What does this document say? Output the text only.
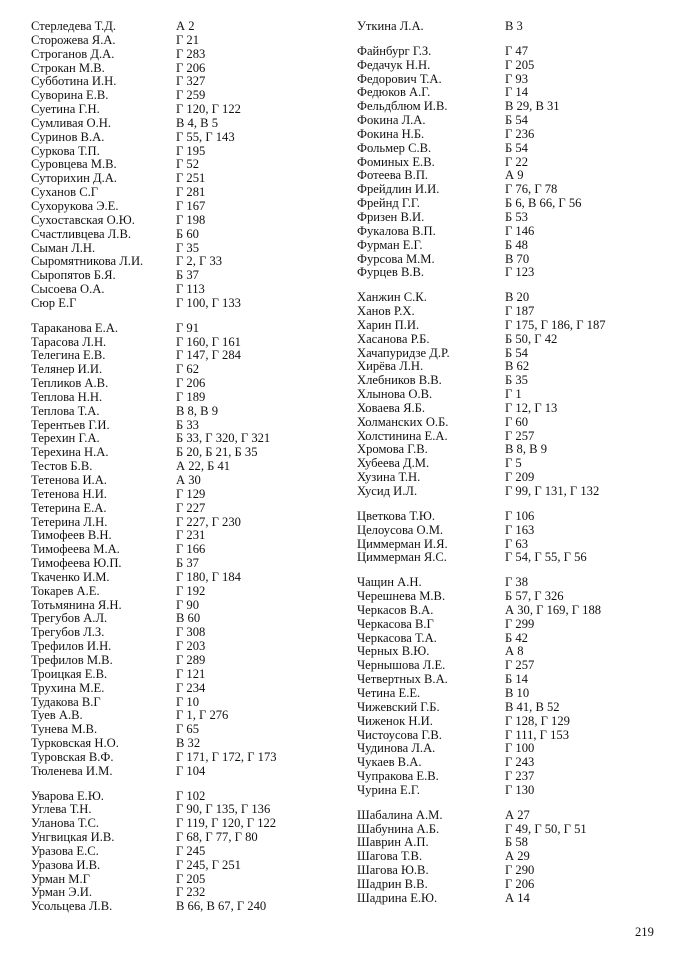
Стерледева Т.Д.	А 2
Сторожева Я.А.	Г 21
Строганов Д.А.	Г 283
Строкан М.В.	Г 206
Субботина И.Н.	Г 327
Суворина Е.В.	Г 259
Суетина Г.Н.	Г 120, Г 122
Сумливая О.Н.	В 4, В 5
Суринов В.А.	Г 55, Г 143
Суркова Т.П.	Г 195
Суровцева М.В.	Г 52
Суторихин Д.А.	Г 251
Суханов С.Г	Г 281
Сухорукова Э.Е.	Г 167
Сухоставская О.Ю.	Г 198
Счастливцева Л.В.	Б 60
Сыман Л.Н.	Г 35
Сыромятникова Л.И.	Г 2, Г 33
Сыропятов Б.Я.	Б 37
Сысоева О.А.	Г 113
Сюр Е.Г	Г 100, Г 133
Тараканова Е.А.	Г 91
Тарасова Л.Н.	Г 160, Г 161
Телегина Е.В.	Г 147, Г 284
Телянер И.И.	Г 62
Тепликов А.В.	Г 206
Теплова Н.Н.	Г 189
Теплова Т.А.	В 8, В 9
Терентьев Г.И.	Б 33
Терехин Г.А.	Б 33, Г 320, Г 321
Терехина Н.А.	Б 20, Б 21, Б 35
Тестов Б.В.	А 22, Б 41
Тетенова И.А.	А 30
Тетенова Н.И.	Г 129
Тетерина Е.А.	Г 227
Тетерина Л.Н.	Г 227, Г 230
Тимофеев В.Н.	Г 231
Тимофеева М.А.	Г 166
Тимофеева Ю.П.	Б 37
Ткаченко И.М.	Г 180, Г 184
Токарев А.Е.	Г 192
Тотьмянина Я.Н.	Г 90
Трегубов А.Л.	В 60
Трегубов Л.З.	Г 308
Трефилов И.Н.	Г 203
Трефилов М.В.	Г 289
Троицкая Е.В.	Г 121
Трухина М.Е.	Г 234
Тудакова В.Г	Г 10
Туев А.В.	Г 1, Г 276
Тунева М.В.	Г 65
Турковская Н.О.	В 32
Туровская В.Ф.	Г 171, Г 172, Г 173
Тюленева И.М.	Г 104
Уварова Е.Ю.	Г 102
Углева Т.Н.	Г 90, Г 135, Г 136
Уланова Т.С.	Г 119, Г 120, Г 122
Унгвицкая И.В.	Г 68, Г 77, Г 80
Уразова Е.С.	Г 245
Уразова И.В.	Г 245, Г 251
Урман М.Г	Г 205
Урман Э.И.	Г 232
Усольцева Л.В.	В 66, В 67, Г 240
Уткина Л.А.	В 3
Файнбург Г.З.	Г 47
Федачук Н.Н.	Г 205
Федорович Т.А.	Г 93
Федюков А.Г.	Г 14
Фельдблюм И.В.	В 29, В 31
Фокина Л.А.	Б 54
Фокина Н.Б.	Г 236
Фольмер С.В.	Б 54
Фоминых Е.В.	Г 22
Фотеева В.П.	А 9
Фрейдлин И.И.	Г 76, Г 78
Фрейнд Г.Г.	Б 6, В 66, Г 56
Фризен В.И.	Б 53
Фукалова В.П.	Г 146
Фурман Е.Г.	Б 48
Фурсова М.М.	В 70
Фурцев В.В.	Г 123
Ханжин С.К.	В 20
Ханов Р.Х.	Г 187
Харин П.И.	Г 175, Г 186, Г 187
Хасанова Р.Б.	Б 50, Г 42
Хачапуридзе Д.Р.	Б 54
Хирёва Л.Н.	В 62
Хлебников В.В.	Б 35
Хлынова О.В.	Г 1
Ховаева Я.Б.	Г 12, Г 13
Холманских О.Б.	Г 60
Холстинина Е.А.	Г 257
Хромова Г.В.	В 8, В 9
Хубеева Д.М.	Г 5
Хузина Т.Н.	Г 209
Хусид И.Л.	Г 99, Г 131, Г 132
Цветкова Т.Ю.	Г 106
Целоусова О.М.	Г 163
Циммерман И.Я.	Г 63
Циммерман Я.С.	Г 54, Г 55, Г 56
Чащин А.Н.	Г 38
Черешнева М.В.	Б 57, Г 326
Черкасов В.А.	А 30, Г 169, Г 188
Черкасова В.Г	Г 299
Черкасова Т.А.	Б 42
Черных В.Ю.	А 8
Чернышова Л.Е.	Г 257
Четвертных В.А.	Б 14
Четина Е.Е.	В 10
Чижевский Г.Б.	В 41, В 52
Чиженок Н.И.	Г 128, Г 129
Чистоусова Г.В.	Г 111, Г 153
Чудинова Л.А.	Г 100
Чукаев В.А.	Г 243
Чупракова Е.В.	Г 237
Чурина Е.Г.	Г 130
Шабалина А.М.	А 27
Шабунина А.Б.	Г 49, Г 50, Г 51
Шаврин А.П.	Б 58
Шагова Т.В.	А 29
Шагова Ю.В.	Г 290
Шадрин В.В.	Г 206
Шадрина Е.Ю.	А 14
219
